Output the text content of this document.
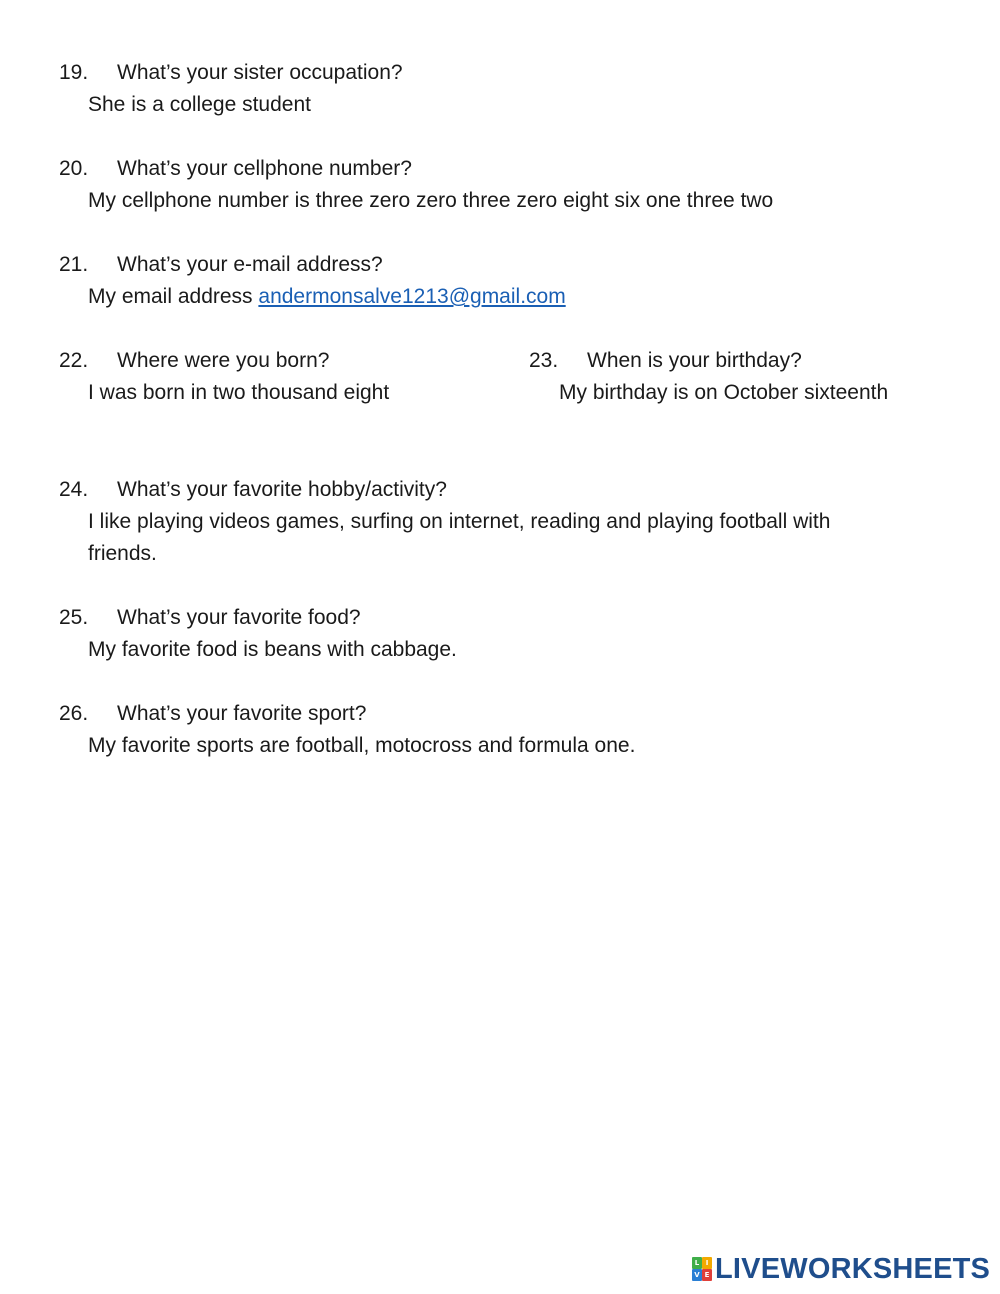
19. What’s your sister occupation?
She is a college student
20. What’s your cellphone number?
My cellphone number is three zero zero three zero eight six one three two
21. What’s your e-mail address?
My email address andermonsalve1213@gmail.com
22. Where were you born?
I was born in two thousand eight
23. When is your birthday?
My birthday is on October sixteenth
24. What’s your favorite hobby/activity?
I like playing videos games, surfing on internet, reading and playing football with
friends.
25. What’s your favorite food?
My favorite food is beans with cabbage.
26. What’s your favorite sport?
My favorite sports are football, motocross and formula one.
L I
V E LIVEWORKSHEETS
